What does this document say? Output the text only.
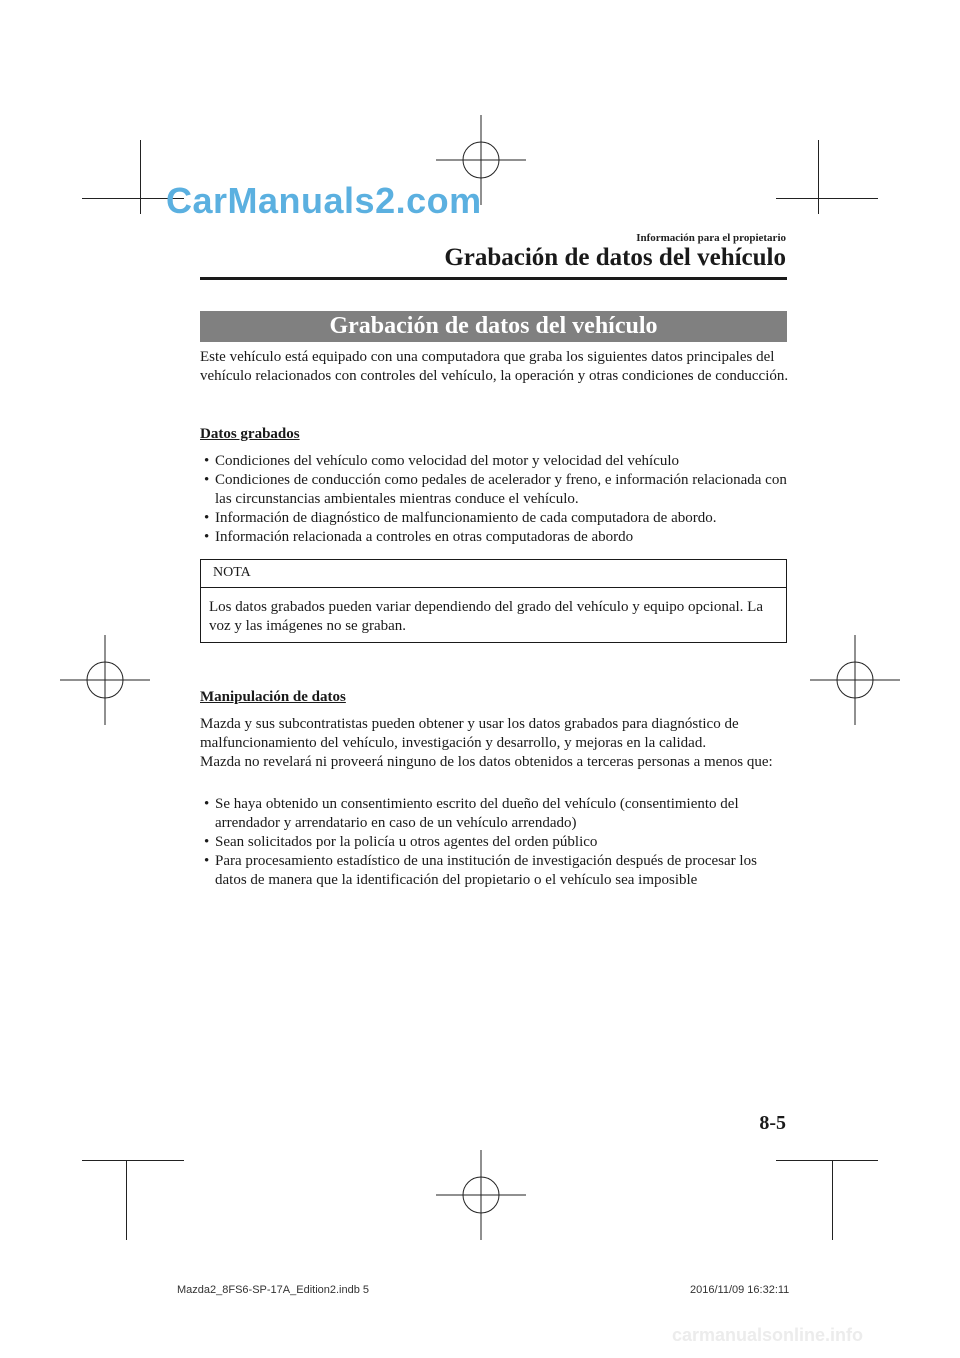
CarManuals2.com
Información para el propietario
Grabación de datos del vehículo
Grabación de datos del vehículo
Este vehículo está equipado con una computadora que graba los siguientes datos principales del vehículo relacionados con controles del vehículo, la operación y otras condiciones de conducción.
Datos grabados
• Condiciones del vehículo como velocidad del motor y velocidad del vehículo
• Condiciones de conducción como pedales de acelerador y freno, e información relacionada con las circunstancias ambientales mientras conduce el vehículo.
• Información de diagnóstico de malfuncionamiento de cada computadora de abordo.
• Información relacionada a controles en otras computadoras de abordo
NOTA
Los datos grabados pueden variar dependiendo del grado del vehículo y equipo opcional. La voz y las imágenes no se graban.
Manipulación de datos
Mazda y sus subcontratistas pueden obtener y usar los datos grabados para diagnóstico de malfuncionamiento del vehículo, investigación y desarrollo, y mejoras en la calidad.
Mazda no revelará ni proveerá ninguno de los datos obtenidos a terceras personas a menos que:
• Se haya obtenido un consentimiento escrito del dueño del vehículo (consentimiento del arrendador y arrendatario en caso de un vehículo arrendado)
• Sean solicitados por la policía u otros agentes del orden público
• Para procesamiento estadístico de una institución de investigación después de procesar los datos de manera que la identificación del propietario o el vehículo sea imposible
8-5
Mazda2_8FS6-SP-17A_Edition2.indb 5	2016/11/09 16:32:11
carmanualsonline.info
